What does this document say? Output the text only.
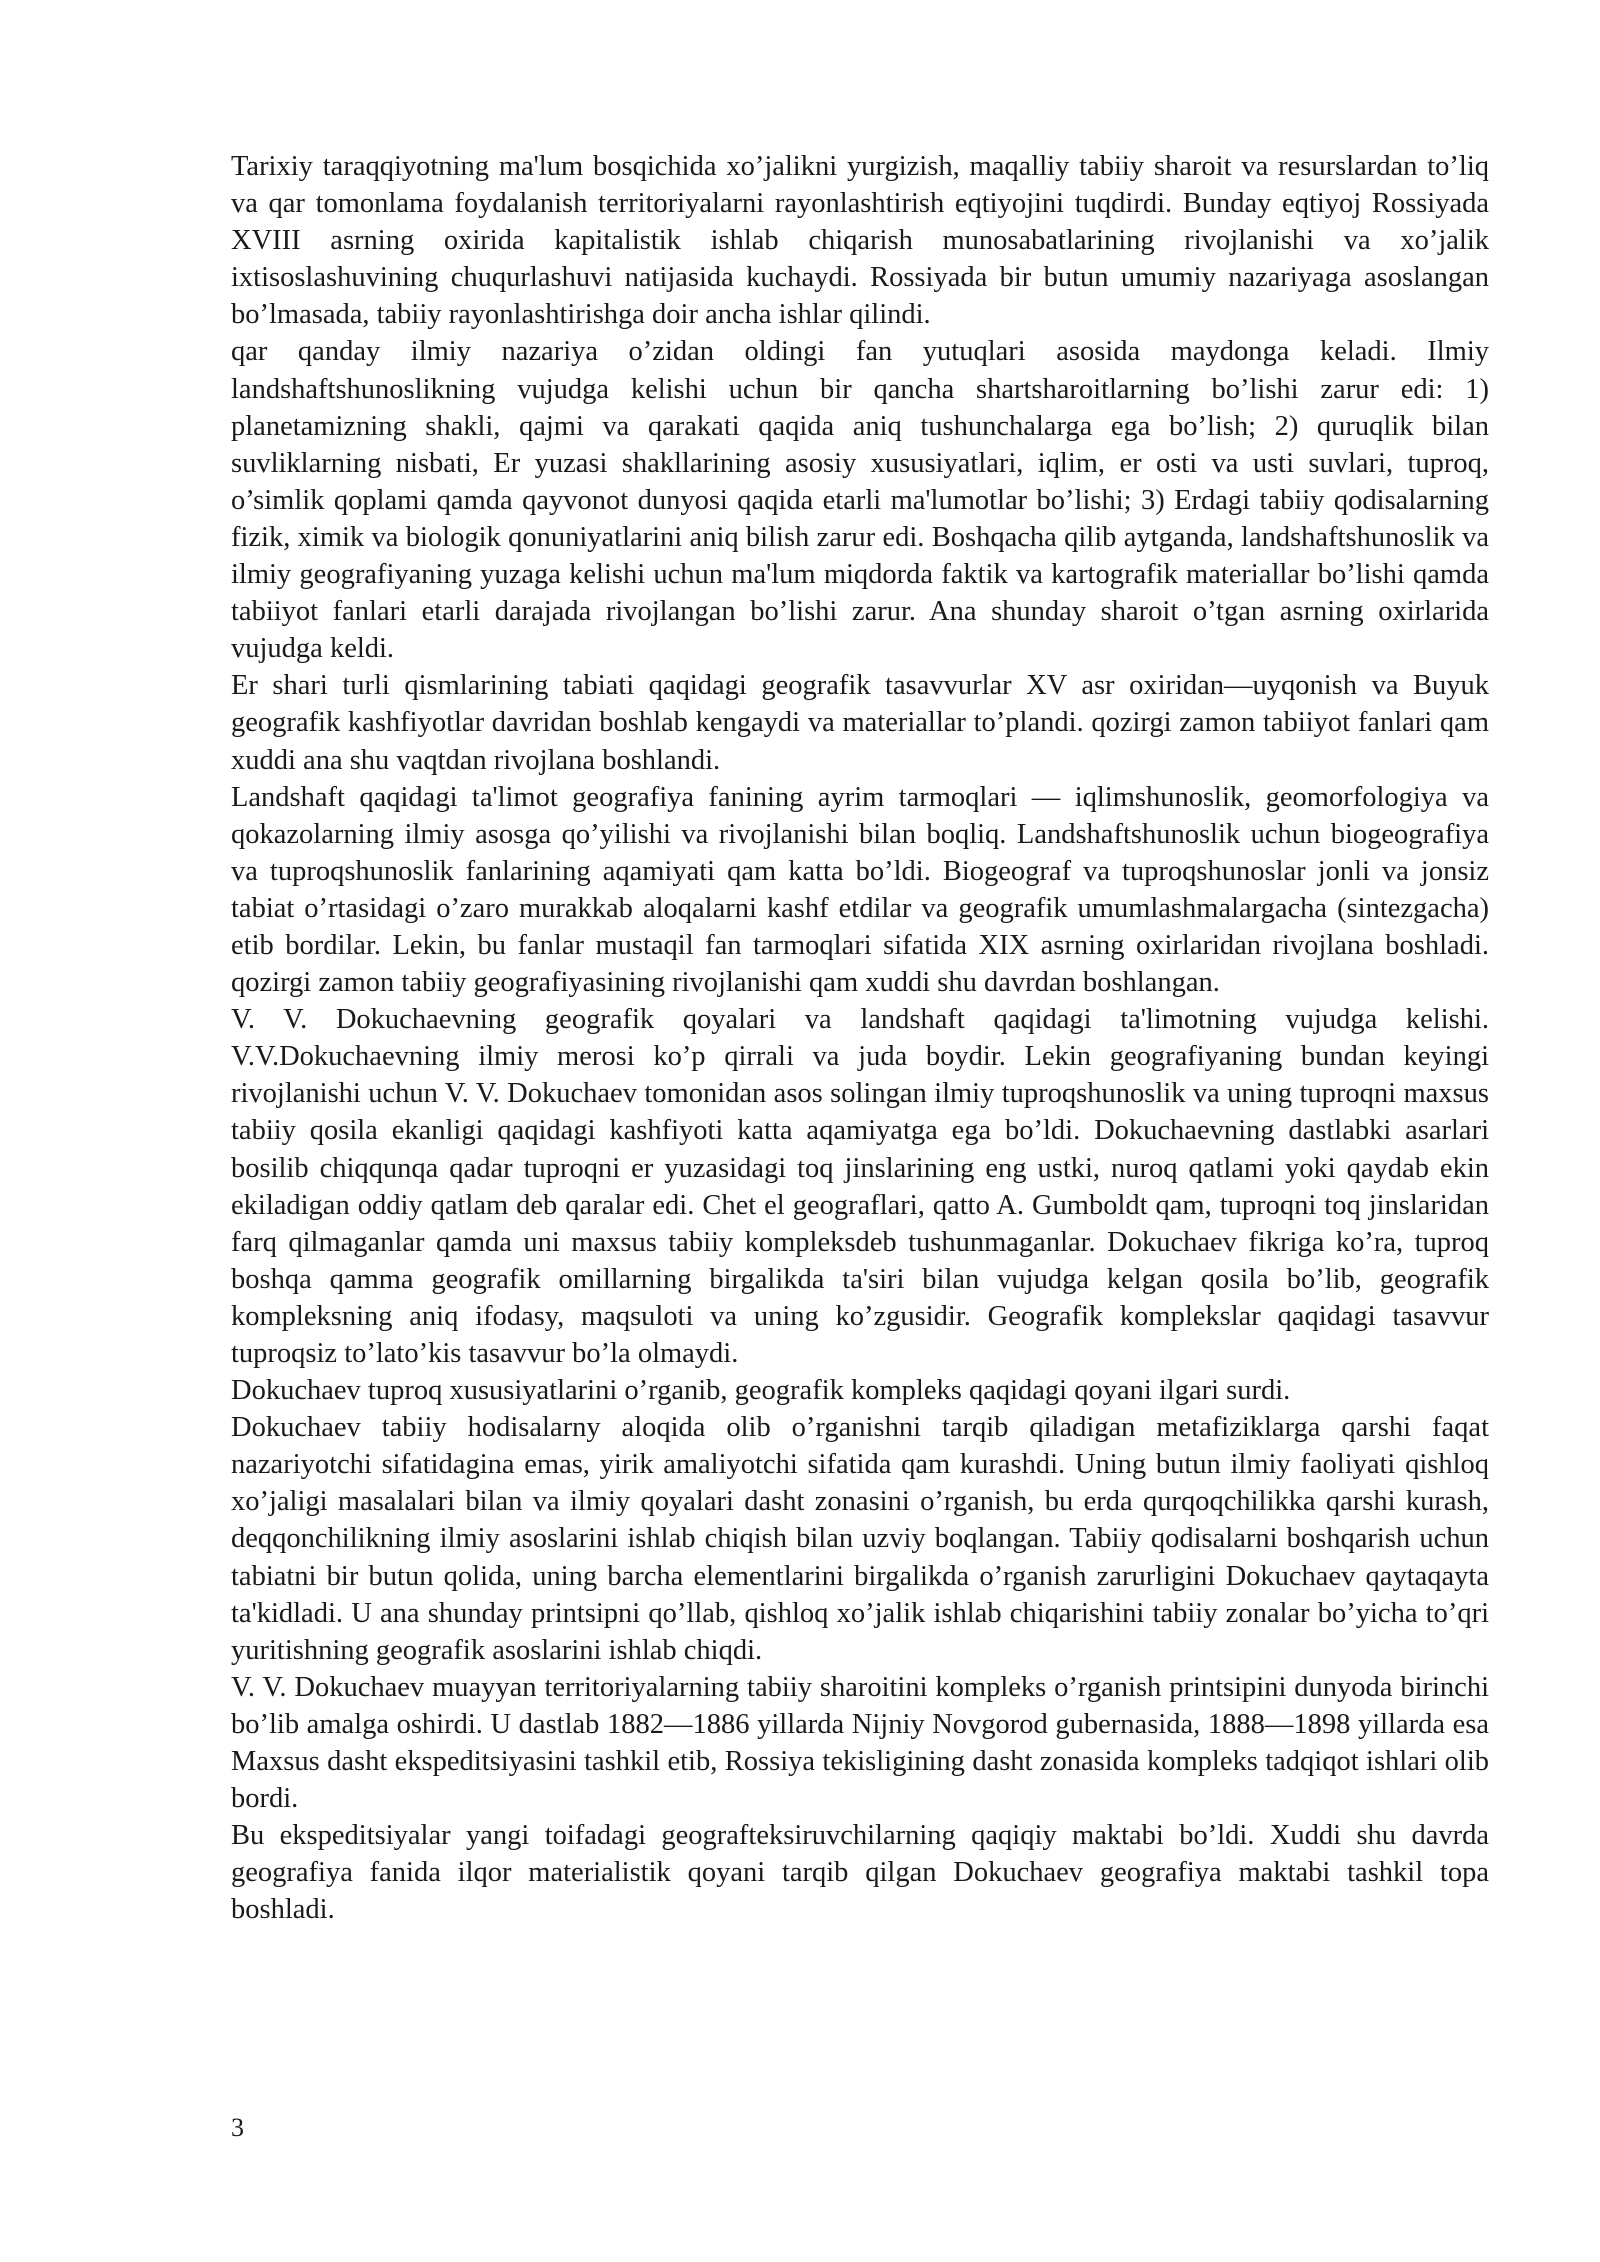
Tarixiy taraqqiyotning ma'lum bosqichida xo’jalikni yurgizish, maqalliy tabiiy sharoit va resurslardan to’liq va qar tomonlama foydalanish territoriyalarni rayonlashtirish eqtiyojini tuqdirdi. Bunday eqtiyoj Rossiyada XVIII asrning oxirida kapitalistik ishlab chiqarish munosabatlarining rivojlanishi va xo’jalik ixtisoslashuvining chuqurlashuvi natijasida kuchaydi. Rossiyada bir butun umumiy nazariyaga asoslangan bo’lmasada, tabiiy rayonlashtirishga doir ancha ishlar qilindi.

qar qanday ilmiy nazariya o’zidan oldingi fan yutuqlari asosida maydonga keladi. Ilmiy landshaftshunoslikning vujudga kelishi uchun bir qancha shartsharoitlarning bo’lishi zarur edi: 1) planetamizning shakli, qajmi va qarakati qaqida aniq tushunchalarga ega bo’lish; 2) quruqlik bilan suvliklarning nisbati, Er yuzasi shakllarining asosiy xususiyatlari, iqlim, er osti va usti suvlari, tuproq, o’simlik qoplami qamda qayvonot dunyosi qaqida etarli ma'lumotlar bo’lishi; 3) Erdagi tabiiy qodisalarning fizik, ximik va biologik qonuniyatlarini aniq bilish zarur edi. Boshqacha qilib aytganda, landshaftshunoslik va ilmiy geografiyaning yuzaga kelishi uchun ma'lum miqdorda faktik va kartografik materiallar bo’lishi qamda tabiiyot fanlari etarli darajada rivojlangan bo’lishi zarur. Ana shunday sharoit o’tgan asrning oxirlarida vujudga keldi.

Er shari turli qismlarining tabiati qaqidagi geografik tasavvurlar XV asr oxiridan—uyqonish va Buyuk geografik kashfiyotlar davridan boshlab kengaydi va materiallar to’plandi. qozirgi zamon tabiiyot fanlari qam xuddi ana shu vaqtdan rivojlana boshlandi.

Landshaft qaqidagi ta'limot geografiya fanining ayrim tarmoqlari — iqlimshunoslik, geomorfologiya va qokazolarning ilmiy asosga qo’yilishi va rivojlanishi bilan boqliq. Landshaftshunoslik uchun biogeografiya va tuproqshunoslik fanlarining aqamiyati qam katta bo’ldi. Biogeograf va tuproqshunoslar jonli va jonsiz tabiat o’rtasidagi o’zaro murakkab aloqalarni kashf etdilar va geografik umumlashmalargacha (sintezgacha) etib bordilar. Lekin, bu fanlar mustaqil fan tarmoqlari sifatida XIX asrning oxirlaridan rivojlana boshladi. qozirgi zamon tabiiy geografiyasining rivojlanishi qam xuddi shu davrdan boshlangan.

V. V. Dokuchaevning geografik qoyalari va landshaft qaqidagi ta'limotning vujudga kelishi. V.V.Dokuchaevning ilmiy merosi ko’p qirrali va juda boydir. Lekin geografiyaning bundan keyingi rivojlanishi uchun V. V. Dokuchaev tomonidan asos solingan ilmiy tuproqshunoslik va uning tuproqni maxsus tabiiy qosila ekanligi qaqidagi kashfiyoti katta aqamiyatga ega bo’ldi. Dokuchaevning dastlabki asarlari bosilib chiqqunqa qadar tuproqni er yuzasidagi toq jinslarining eng ustki, nuroq qatlami yoki qaydab ekin ekiladigan oddiy qatlam deb qaralar edi. Chet el geograflari, qatto A. Gumboldt qam, tuproqni toq jinslaridan farq qilmaganlar qamda uni maxsus tabiiy kompleksdeb tushunmaganlar. Dokuchaev fikriga ko’ra, tuproq boshqa qamma geografik omillarning birgalikda ta'siri bilan vujudga kelgan qosila bo’lib, geografik kompleksning aniq ifodasy, maqsuloti va uning ko’zgusidir. Geografik komplekslar qaqidagi tasavvur tuproqsiz to’lato’kis tasavvur bo’la olmaydi.

Dokuchaev tuproq xususiyatlarini o’rganib, geografik kompleks qaqidagi qoyani ilgari surdi.

Dokuchaev tabiiy hodisalarny aloqida olib o’rganishni tarqib qiladigan metafiziklarga qarshi faqat nazariyotchi sifatidagina emas, yirik amaliyotchi sifatida qam kurashdi. Uning butun ilmiy faoliyati qishloq xo’jaligi masalalari bilan va ilmiy qoyalari dasht zonasini o’rganish, bu erda qurqoqchilikka qarshi kurash, deqqonchilikning ilmiy asoslarini ishlab chiqish bilan uzviy boqlangan. Tabiiy qodisalarni boshqarish uchun tabiatni bir butun qolida, uning barcha elementlarini birgalikda o’rganish zarurligini Dokuchaev qaytaqayta ta'kidladi. U ana shunday printsipni qo’llab, qishloq xo’jalik ishlab chiqarishini tabiiy zonalar bo’yicha to’qri yuritishning geografik asoslarini ishlab chiqdi.

V. V. Dokuchaev muayyan territoriyalarning tabiiy sharoitini kompleks o’rganish printsipini dunyoda birinchi bo’lib amalga oshirdi. U dastlab 1882—1886 yillarda Nijniy Novgorod gubernasida, 1888—1898 yillarda esa Maxsus dasht ekspeditsiyasini tashkil etib, Rossiya tekisligining dasht zonasida kompleks tadqiqot ishlari olib bordi.

Bu ekspeditsiyalar yangi toifadagi geografteksiruvchilarning qaqiqiy maktabi bo’ldi. Xuddi shu davrda geografiya fanida ilqor materialistik qoyani tarqib qilgan Dokuchaev geografiya maktabi tashkil topa boshladi.

3
